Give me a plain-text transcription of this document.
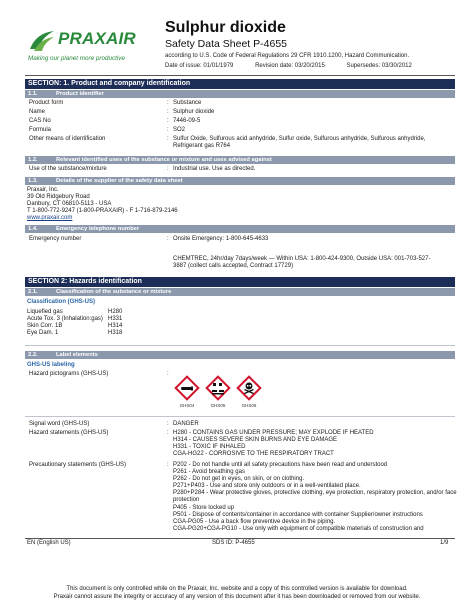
PRAXAIR
Making our planet more productive
Sulphur dioxide
Safety Data Sheet P-4655
according to U.S. Code of Federal Regulations 29 CFR 1910.1200, Hazard Communication.
Date of issue: 01/01/1979	Revision date: 03/20/2015	Supersedes: 03/30/2012
SECTION: 1. Product and company identification
1.1.	Product identifier
Product form	: Substance
Name	: Sulphur dioxide
CAS No	: 7446-09-5
Formula	: SO2
Other means of identification	: Sulfur Oxide, Sulfurous acid anhydride, Sulfur oxide, Sulfurous anhydride, Sulfurous anhydride, Refrigerant gas R764
1.2.	Relevant identified uses of the substance or mixture and uses advised against
Use of the substance/mixture	: Industrial use. Use as directed.
1.3.	Details of the supplier of the safety data sheet
Praxair, Inc.
39 Old Ridgebury Road
Danbury, CT 06810-5113 - USA
T 1-800-772-9247 (1-800-PRAXAIR) - F 1-716-879-2146
www.praxair.com
1.4.	Emergency telephone number
Emergency number	: Onsite Emergency: 1-800-645-4633
CHEMTREC, 24hr/day 7days/week — Within USA: 1-800-424-9300, Outside USA: 001-703-527-3887 (collect calls accepted, Contract 17729)
SECTION 2: Hazards identification
2.1.	Classification of the substance or mixture
Classification (GHS-US)
Liquefied gas	H280
Acute Tox. 3 (Inhalation:gas) H331
Skin Corr. 1B	H314
Eye Dam. 1	H318
2.2.	Label elements
GHS-US labeling
Hazard pictograms (GHS-US)	:
GHS04	GHS05	GHS06
Signal word (GHS-US)	: DANGER
Hazard statements (GHS-US)	: H280 - CONTAINS GAS UNDER PRESSURE; MAY EXPLODE IF HEATED
H314 - CAUSES SEVERE SKIN BURNS AND EYE DAMAGE
H331 - TOXIC IF INHALED
CGA-HG22 - CORROSIVE TO THE RESPIRATORY TRACT
Precautionary statements (GHS-US)	: P202 - Do not handle until all safety precautions have been read and understood
P261 - Avoid breathing gas
P262 - Do not get in eyes, on skin, or on clothing.
P271+P403 - Use and store only outdoors or in a well-ventilated place.
P280+P284 - Wear protective gloves, protective clothing, eye protection, respiratory protection, and/or face protection
P405 - Store locked up
P501 - Dispose of contents/container in accordance with container Supplier/owner instructions
CGA-PG05 - Use a back flow preventive device in the piping.
CGA-PG20+CGA-PG10 - Use only with equipment of compatible materials of construction and
EN (English US)	SDS ID: P-4655	1/9
This document is only controlled while on the Praxair, Inc. website and a copy of this controlled version is available for download.
Praxair cannot assure the integrity or accuracy of any version of this document after it has been downloaded or removed from our website.
